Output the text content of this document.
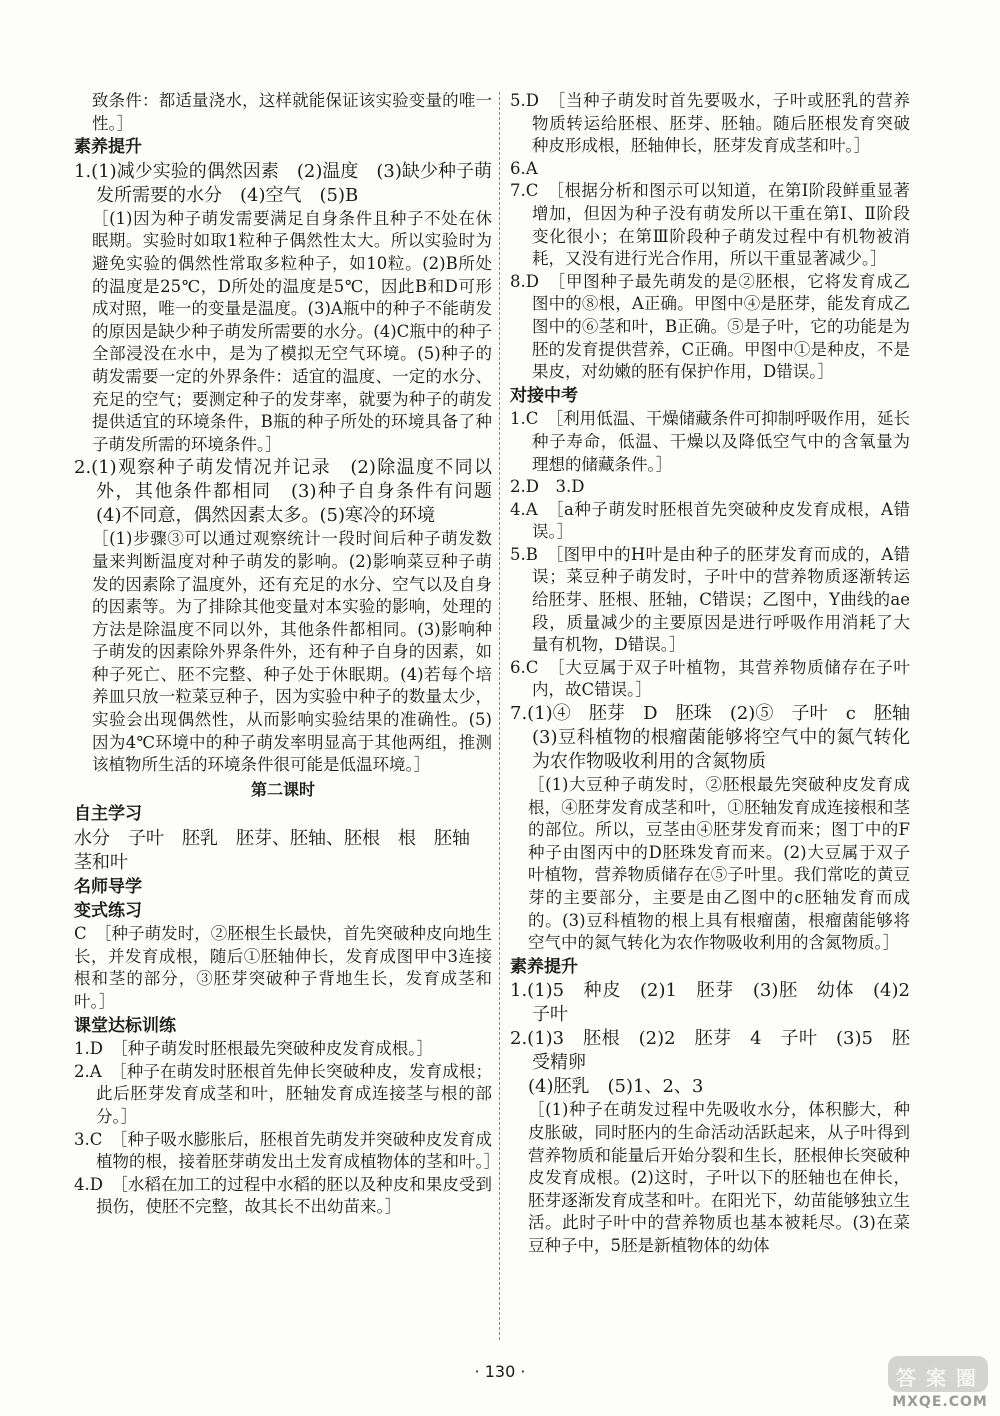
致条件：都适量浇水，这样就能保证该实验变量的唯一性。］

素养提升

1.(1)减少实验的偶然因素　(2)温度　(3)缺少种子萌发所需要的水分　(4)空气　(5)B

［(1)因为种子萌发需要满足自身条件且种子不处在休眠期。实验时如取1粒种子偶然性太大。所以实验时为避免实验的偶然性常取多粒种子，如10粒。(2)B所处的温度是25℃，D所处的温度是5℃，因此B和D可形成对照，唯一的变量是温度。(3)A瓶中的种子不能萌发的原因是缺少种子萌发所需要的水分。(4)C瓶中的种子全部浸没在水中，是为了模拟无空气环境。(5)种子的萌发需要一定的外界条件：适宜的温度、一定的水分、充足的空气；要测定种子的发芽率，就要为种子的萌发提供适宜的环境条件，B瓶的种子所处的环境具备了种子萌发所需的环境条件。］

2.(1)观察种子萌发情况并记录　(2)除温度不同以外，其他条件都相同　(3)种子自身条件有问题　(4)不同意，偶然因素太多。(5)寒冷的环境

［(1)步骤③可以通过观察统计一段时间后种子萌发数量来判断温度对种子萌发的影响。(2)影响菜豆种子萌发的因素除了温度外，还有充足的水分、空气以及自身的因素等。为了排除其他变量对本实验的影响，处理的方法是除温度不同以外，其他条件都相同。(3)影响种子萌发的因素除外界条件外，还有种子自身的因素，如种子死亡、胚不完整、种子处于休眠期。(4)若每个培养皿只放一粒菜豆种子，因为实验中种子的数量太少，实验会出现偶然性，从而影响实验结果的准确性。(5)因为4℃环境中的种子萌发率明显高于其他两组，推测该植物所生活的环境条件很可能是低温环境。］

第二课时

自主学习

水分　子叶　胚乳　胚芽、胚轴、胚根　根　胚轴

茎和叶

名师导学

变式练习

C　［种子萌发时，②胚根生长最快，首先突破种皮向地生长，并发育成根，随后①胚轴伸长，发育成图甲中3连接根和茎的部分，③胚芽突破种子背地生长，发育成茎和叶。］

课堂达标训练

1.D　［种子萌发时胚根最先突破种皮发育成根。］

2.A　［种子在萌发时胚根首先伸长突破种皮，发育成根；此后胚芽发育成茎和叶，胚轴发育成连接茎与根的部分。］

3.C　［种子吸水膨胀后，胚根首先萌发并突破种皮发育成植物的根，接着胚芽萌发出土发育成植物体的茎和叶。］

4.D　［水稻在加工的过程中水稻的胚以及种皮和果皮受到损伤，使胚不完整，故其长不出幼苗来。］

5.D　［当种子萌发时首先要吸水，子叶或胚乳的营养物质转运给胚根、胚芽、胚轴。随后胚根发育突破种皮形成根，胚轴伸长，胚芽发育成茎和叶。］

6.A

7.C　［根据分析和图示可以知道，在第Ⅰ阶段鲜重显著增加，但因为种子没有萌发所以干重在第Ⅰ、Ⅱ阶段变化很小；在第Ⅲ阶段种子萌发过程中有机物被消耗，又没有进行光合作用，所以干重显著减少。］

8.D　［甲图种子最先萌发的是②胚根，它将发育成乙图中的⑧根，A正确。甲图中④是胚芽，能发育成乙图中的⑥茎和叶，B正确。⑤是子叶，它的功能是为胚的发育提供营养，C正确。甲图中①是种皮，不是果皮，对幼嫩的胚有保护作用，D错误。］

对接中考

1.C　［利用低温、干燥储藏条件可抑制呼吸作用，延长种子寿命，低温、干燥以及降低空气中的含氧量为理想的储藏条件。］

2.D　3.D

4.A　［a种子萌发时胚根首先突破种皮发育成根，A错误。］

5.B　［图甲中的H叶是由种子的胚芽发育而成的，A错误；菜豆种子萌发时，子叶中的营养物质逐渐转运给胚芽、胚根、胚轴，C错误；乙图中，Y曲线的ae段，质量减少的主要原因是进行呼吸作用消耗了大量有机物，D错误。］

6.C　［大豆属于双子叶植物，其营养物质储存在子叶内，故C错误。］

7.(1)④　胚芽　D　胚珠　(2)⑤　子叶　c　胚轴　(3)豆科植物的根瘤菌能够将空气中的氮气转化为农作物吸收利用的含氮物质

［(1)大豆种子萌发时，②胚根最先突破种皮发育成根，④胚芽发育成茎和叶，①胚轴发育成连接根和茎的部位。所以，豆茎由④胚芽发育而来；图丁中的F种子由图丙中的D胚珠发育而来。(2)大豆属于双子叶植物，营养物质储存在⑤子叶里。我们常吃的黄豆芽的主要部分，主要是由乙图中的c胚轴发育而成的。(3)豆科植物的根上具有根瘤菌，根瘤菌能够将空气中的氮气转化为农作物吸收利用的含氮物质。］

素养提升

1.(1)5　种皮　(2)1　胚芽　(3)胚　幼体　(4)2　子叶

2.(1)3　胚根　(2)2　胚芽　4　子叶　(3)5　胚　受精卵

(4)胚乳　(5)1、2、3

［(1)种子在萌发过程中先吸收水分，体积膨大，种皮胀破，同时胚内的生命活动活跃起来，从子叶得到营养物质和能量后开始分裂和生长，胚根伸长突破种皮发育成根。(2)这时，子叶以下的胚轴也在伸长，胚芽逐渐发育成茎和叶。在阳光下，幼苗能够独立生活。此时子叶中的营养物质也基本被耗尽。(3)在菜豆种子中，5胚是新植物体的幼体

· 130 ·	答 案 圈
MXQE.COM
